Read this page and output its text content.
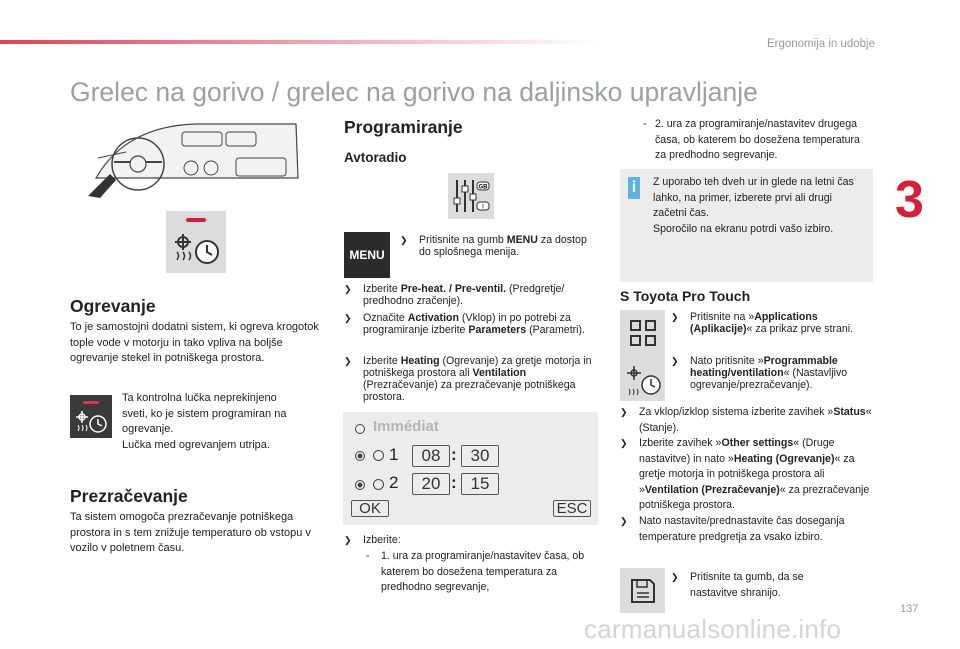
Ergonomija in udobje
Grelec na gorivo / grelec na gorivo na daljinsko upravljanje
3
Ogrevanje
To je samostojni dodatni sistem, ki ogreva krogotok tople vode v motorju in tako vpliva na boljše ogrevanje stekel in potniškega prostora.
Ta kontrolna lučka neprekinjeno sveti, ko je sistem programiran na ogrevanje.
Lučka med ogrevanjem utripa.
Prezračevanje
Ta sistem omogoča prezračevanje potniškega prostora in s tem znižuje temperaturo ob vstopu v vozilo v poletnem času.
Programiranje
Avtoradio
GB
I
MENU
❯ Pritisnite na gumb MENU za dostop do splošnega menija.
❯ Izberite Pre-heat. / Pre-ventil. (Predgretje/ predhodno zračenje).
❯ Označite Activation (Vklop) in po potrebi za programiranje izberite Parameters (Parametri).
❯ Izberite Heating (Ogrevanje) za gretje motorja in potniškega prostora ali Ventilation (Prezračevanje) za prezračevanje potniškega prostora.
Immédiat
1	08 : 30
2	20 : 15
OK	ESC
❯ Izberite:
- 1. ura za programiranje/nastavitev časa, ob katerem bo dosežena temperatura za predhodno segrevanje,
- 2. ura za programiranje/nastavitev drugega časa, ob katerem bo dosežena temperatura za predhodno segrevanje.
i	Z uporabo teh dveh ur in glede na letni čas lahko, na primer, izberete prvi ali drugi začetni čas.
Sporočilo na ekranu potrdi vašo izbiro.
S Toyota Pro Touch
❯ Pritisnite na »Applications (Aplikacije)« za prikaz prve strani.
❯ Nato pritisnite »Programmable heating/ventilation« (Nastavljivo ogrevanje/prezračevanje).
❯ Za vklop/izklop sistema izberite zavihek »Status« (Stanje).
❯ Izberite zavihek »Other settings« (Druge nastavitve) in nato »Heating (Ogrevanje)« za gretje motorja in potniškega prostora ali »Ventilation (Prezračevanje)« za prezračevanje potniškega prostora.
❯ Nato nastavite/prednastavite čas doseganja temperature predgretja za vsako izbiro.
❯ Pritisnite ta gumb, da se nastavitve shranijo.
137
carmanualsonline.info
